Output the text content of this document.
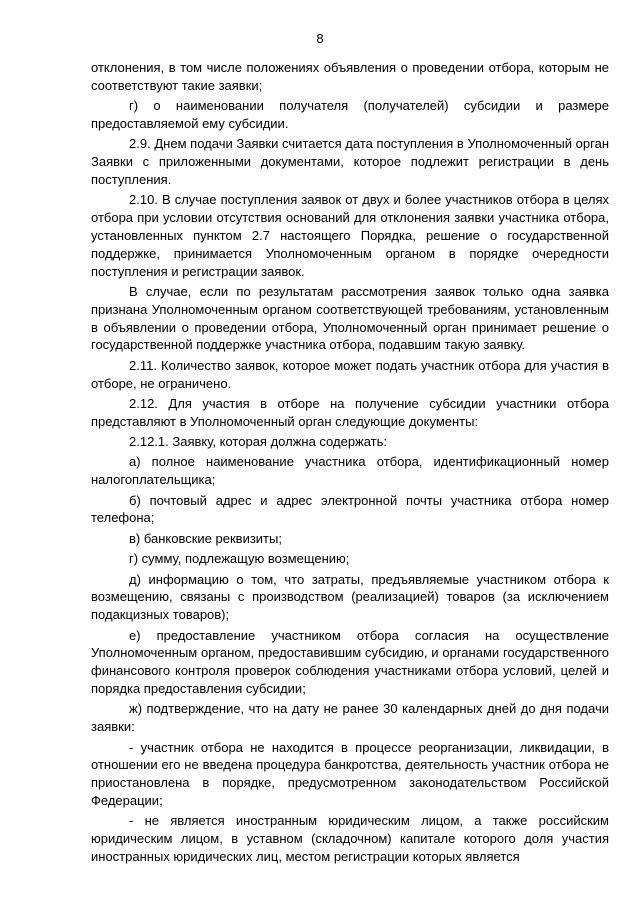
8

отклонения, в том числе положениях объявления о проведении отбора, которым не соответствуют такие заявки;

г) о наименовании получателя (получателей) субсидии и размере предоставляемой ему субсидии.

2.9. Днем подачи Заявки считается дата поступления в Уполномоченный орган Заявки с приложенными документами, которое подлежит регистрации в день поступления.

2.10. В случае поступления заявок от двух и более участников отбора в целях отбора при условии отсутствия оснований для отклонения заявки участника отбора, установленных пунктом 2.7 настоящего Порядка, решение о государственной поддержке, принимается Уполномоченным органом в порядке очередности поступления и регистрации заявок.

В случае, если по результатам рассмотрения заявок только одна заявка признана Уполномоченным органом соответствующей требованиям, установленным в объявлении о проведении отбора, Уполномоченный орган принимает решение о государственной поддержке участника отбора, подавшим такую заявку.

2.11. Количество заявок, которое может подать участник отбора для участия в отборе, не ограничено.

2.12. Для участия в отборе на получение субсидии участники отбора представляют в Уполномоченный орган следующие документы:

2.12.1. Заявку, которая должна содержать:

а) полное наименование участника отбора, идентификационный номер налогоплательщика;

б) почтовый адрес и адрес электронной почты участника отбора номер телефона;

в) банковские реквизиты;

г) сумму, подлежащую возмещению;

д) информацию о том, что затраты, предъявляемые участником отбора к возмещению, связаны с производством (реализацией) товаров (за исключением подакцизных товаров);

е) предоставление участником отбора согласия на осуществление Уполномоченным органом, предоставившим субсидию, и органами государственного финансового контроля проверок соблюдения участниками отбора условий, целей и порядка предоставления субсидии;

ж) подтверждение, что на дату не ранее 30 календарных дней до дня подачи заявки:

- участник отбора не находится в процессе реорганизации, ликвидации, в отношении его не введена процедура банкротства, деятельность участник отбора не приостановлена в порядке, предусмотренном законодательством Российской Федерации;

- не является иностранным юридическим лицом, а также российским юридическим лицом, в уставном (складочном) капитале которого доля участия иностранных юридических лиц, местом регистрации которых является
